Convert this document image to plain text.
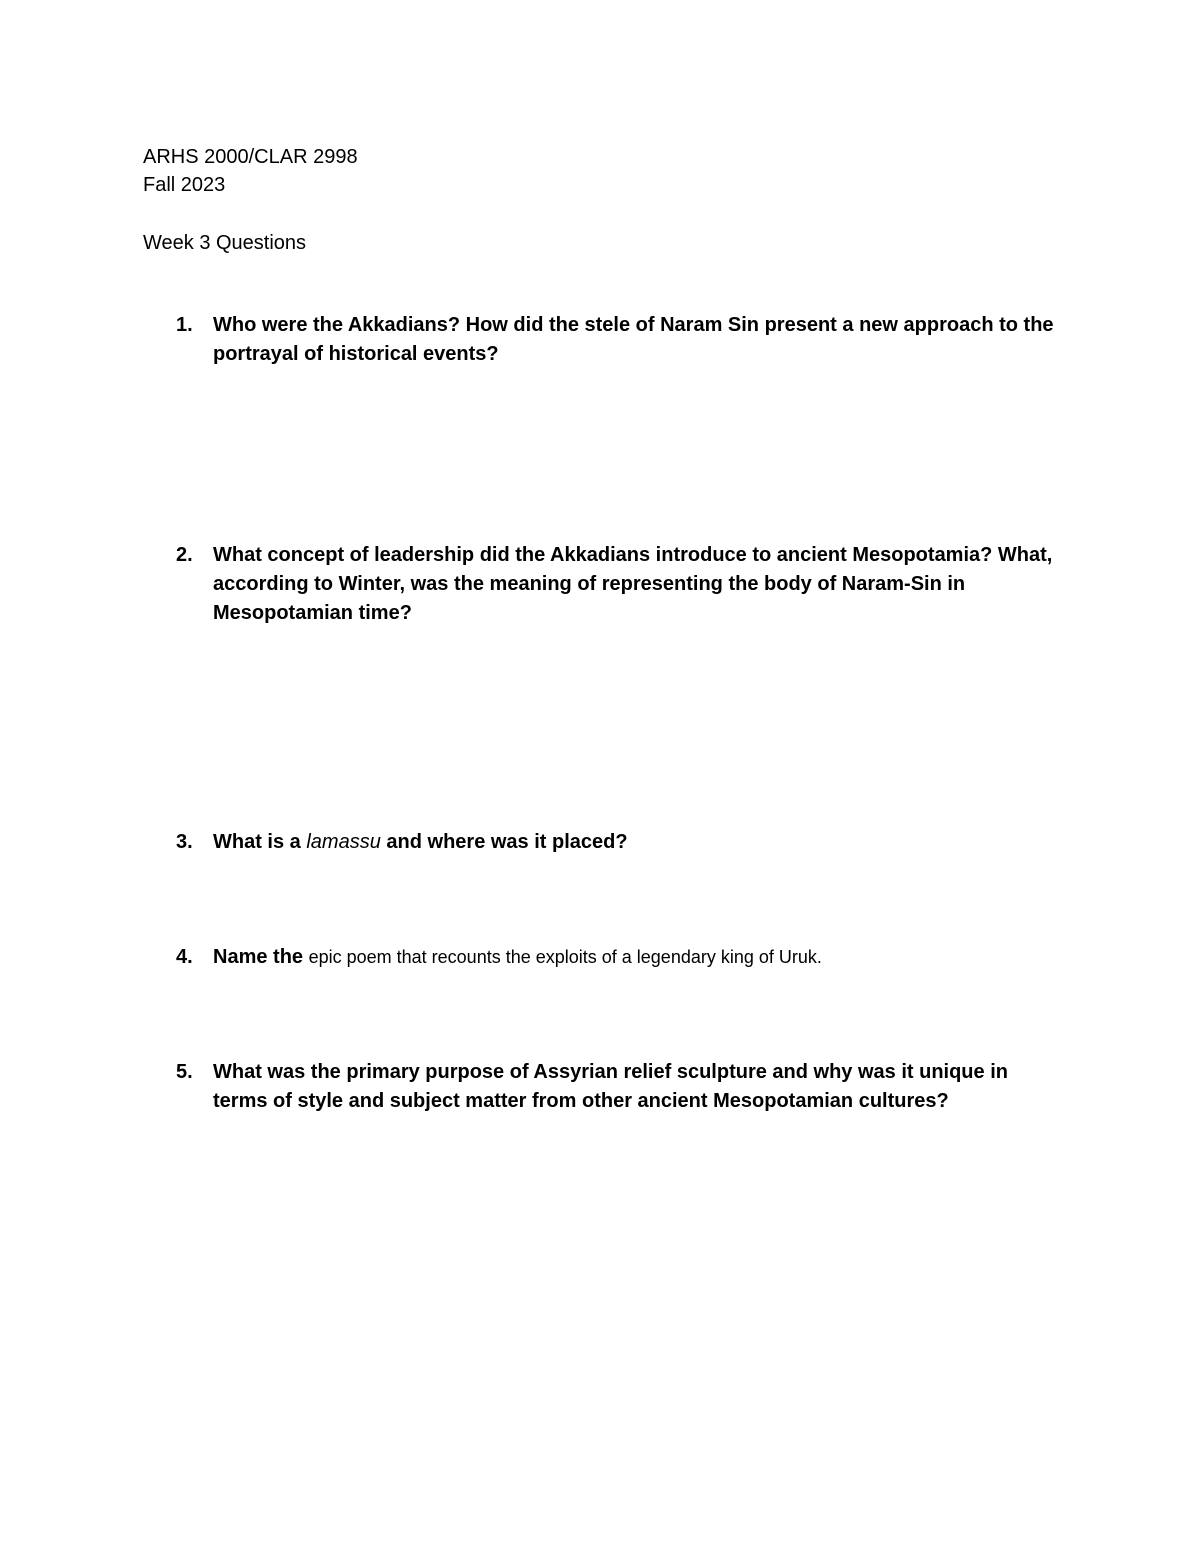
ARHS 2000/CLAR 2998
Fall 2023
Week 3 Questions
1.	Who were the Akkadians? How did the stele of Naram Sin present a new approach to the portrayal of historical events?
2.	What concept of leadership did the Akkadians introduce to ancient Mesopotamia? What, according to Winter, was the meaning of representing the body of Naram-Sin in Mesopotamian time?
3.	What is a lamassu and where was it placed?
4.	Name the epic poem that recounts the exploits of a legendary king of Uruk.
5.	What was the primary purpose of Assyrian relief sculpture and why was it unique in terms of style and subject matter from other ancient Mesopotamian cultures?
